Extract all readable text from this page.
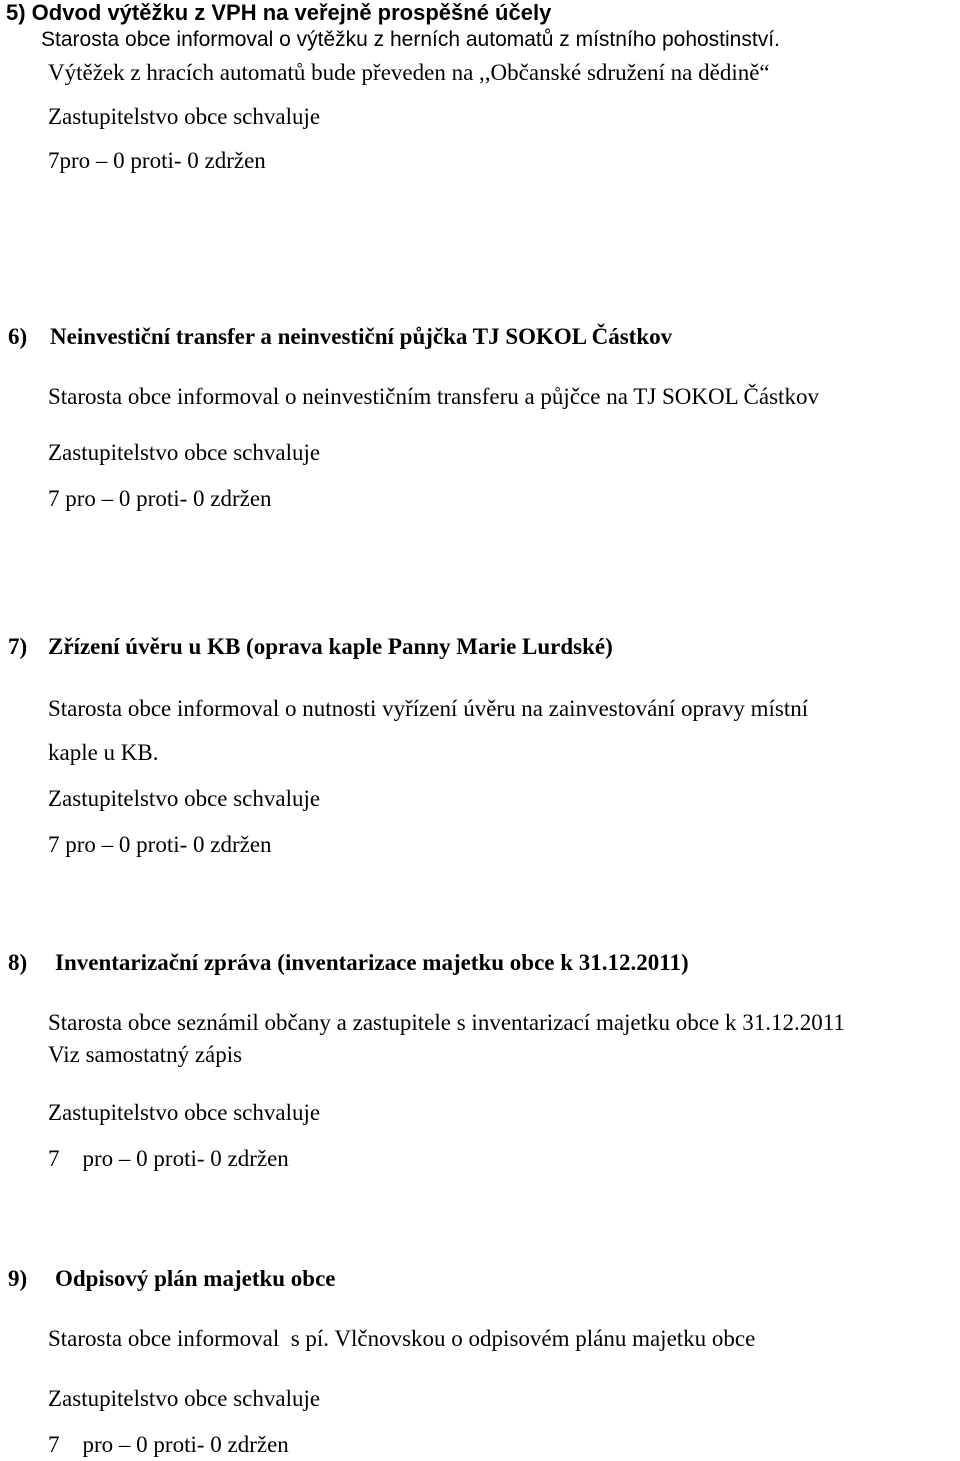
5) Odvod výtěžku z VPH na veřejně prospěšné účely
Starosta obce informoval o výtěžku z herních automatů z místního pohostinství.
Výtěžek z hracích automatů bude převeden na ,,Občanské sdružení na dědině“
Zastupitelstvo obce schvaluje
7pro – 0 proti- 0 zdržen
6) Neinvestiční transfer a neinvestiční půjčka TJ SOKOL Částkov
Starosta obce informoval o neinvestičním transferu a půjčce na TJ SOKOL Částkov
Zastupitelstvo obce schvaluje
7 pro – 0 proti- 0 zdržen
7) Zřízení úvěru u KB (oprava kaple Panny Marie Lurdské)
Starosta obce informoval o nutnosti vyřízení úvěru na zainvestování opravy místní
kaple u KB.
Zastupitelstvo obce schvaluje
7 pro – 0 proti- 0 zdržen
8) Inventarizační zpráva (inventarizace majetku obce k 31.12.2011)
Starosta obce seznámil občany a zastupitele s inventarizací majetku obce k 31.12.2011
Viz samostatný zápis
Zastupitelstvo obce schvaluje
7    pro – 0 proti- 0 zdržen
9) Odpisový plán majetku obce
Starosta obce informoval  s pí. Vlčnovskou o odpisovém plánu majetku obce
Zastupitelstvo obce schvaluje
7    pro – 0 proti- 0 zdržen
